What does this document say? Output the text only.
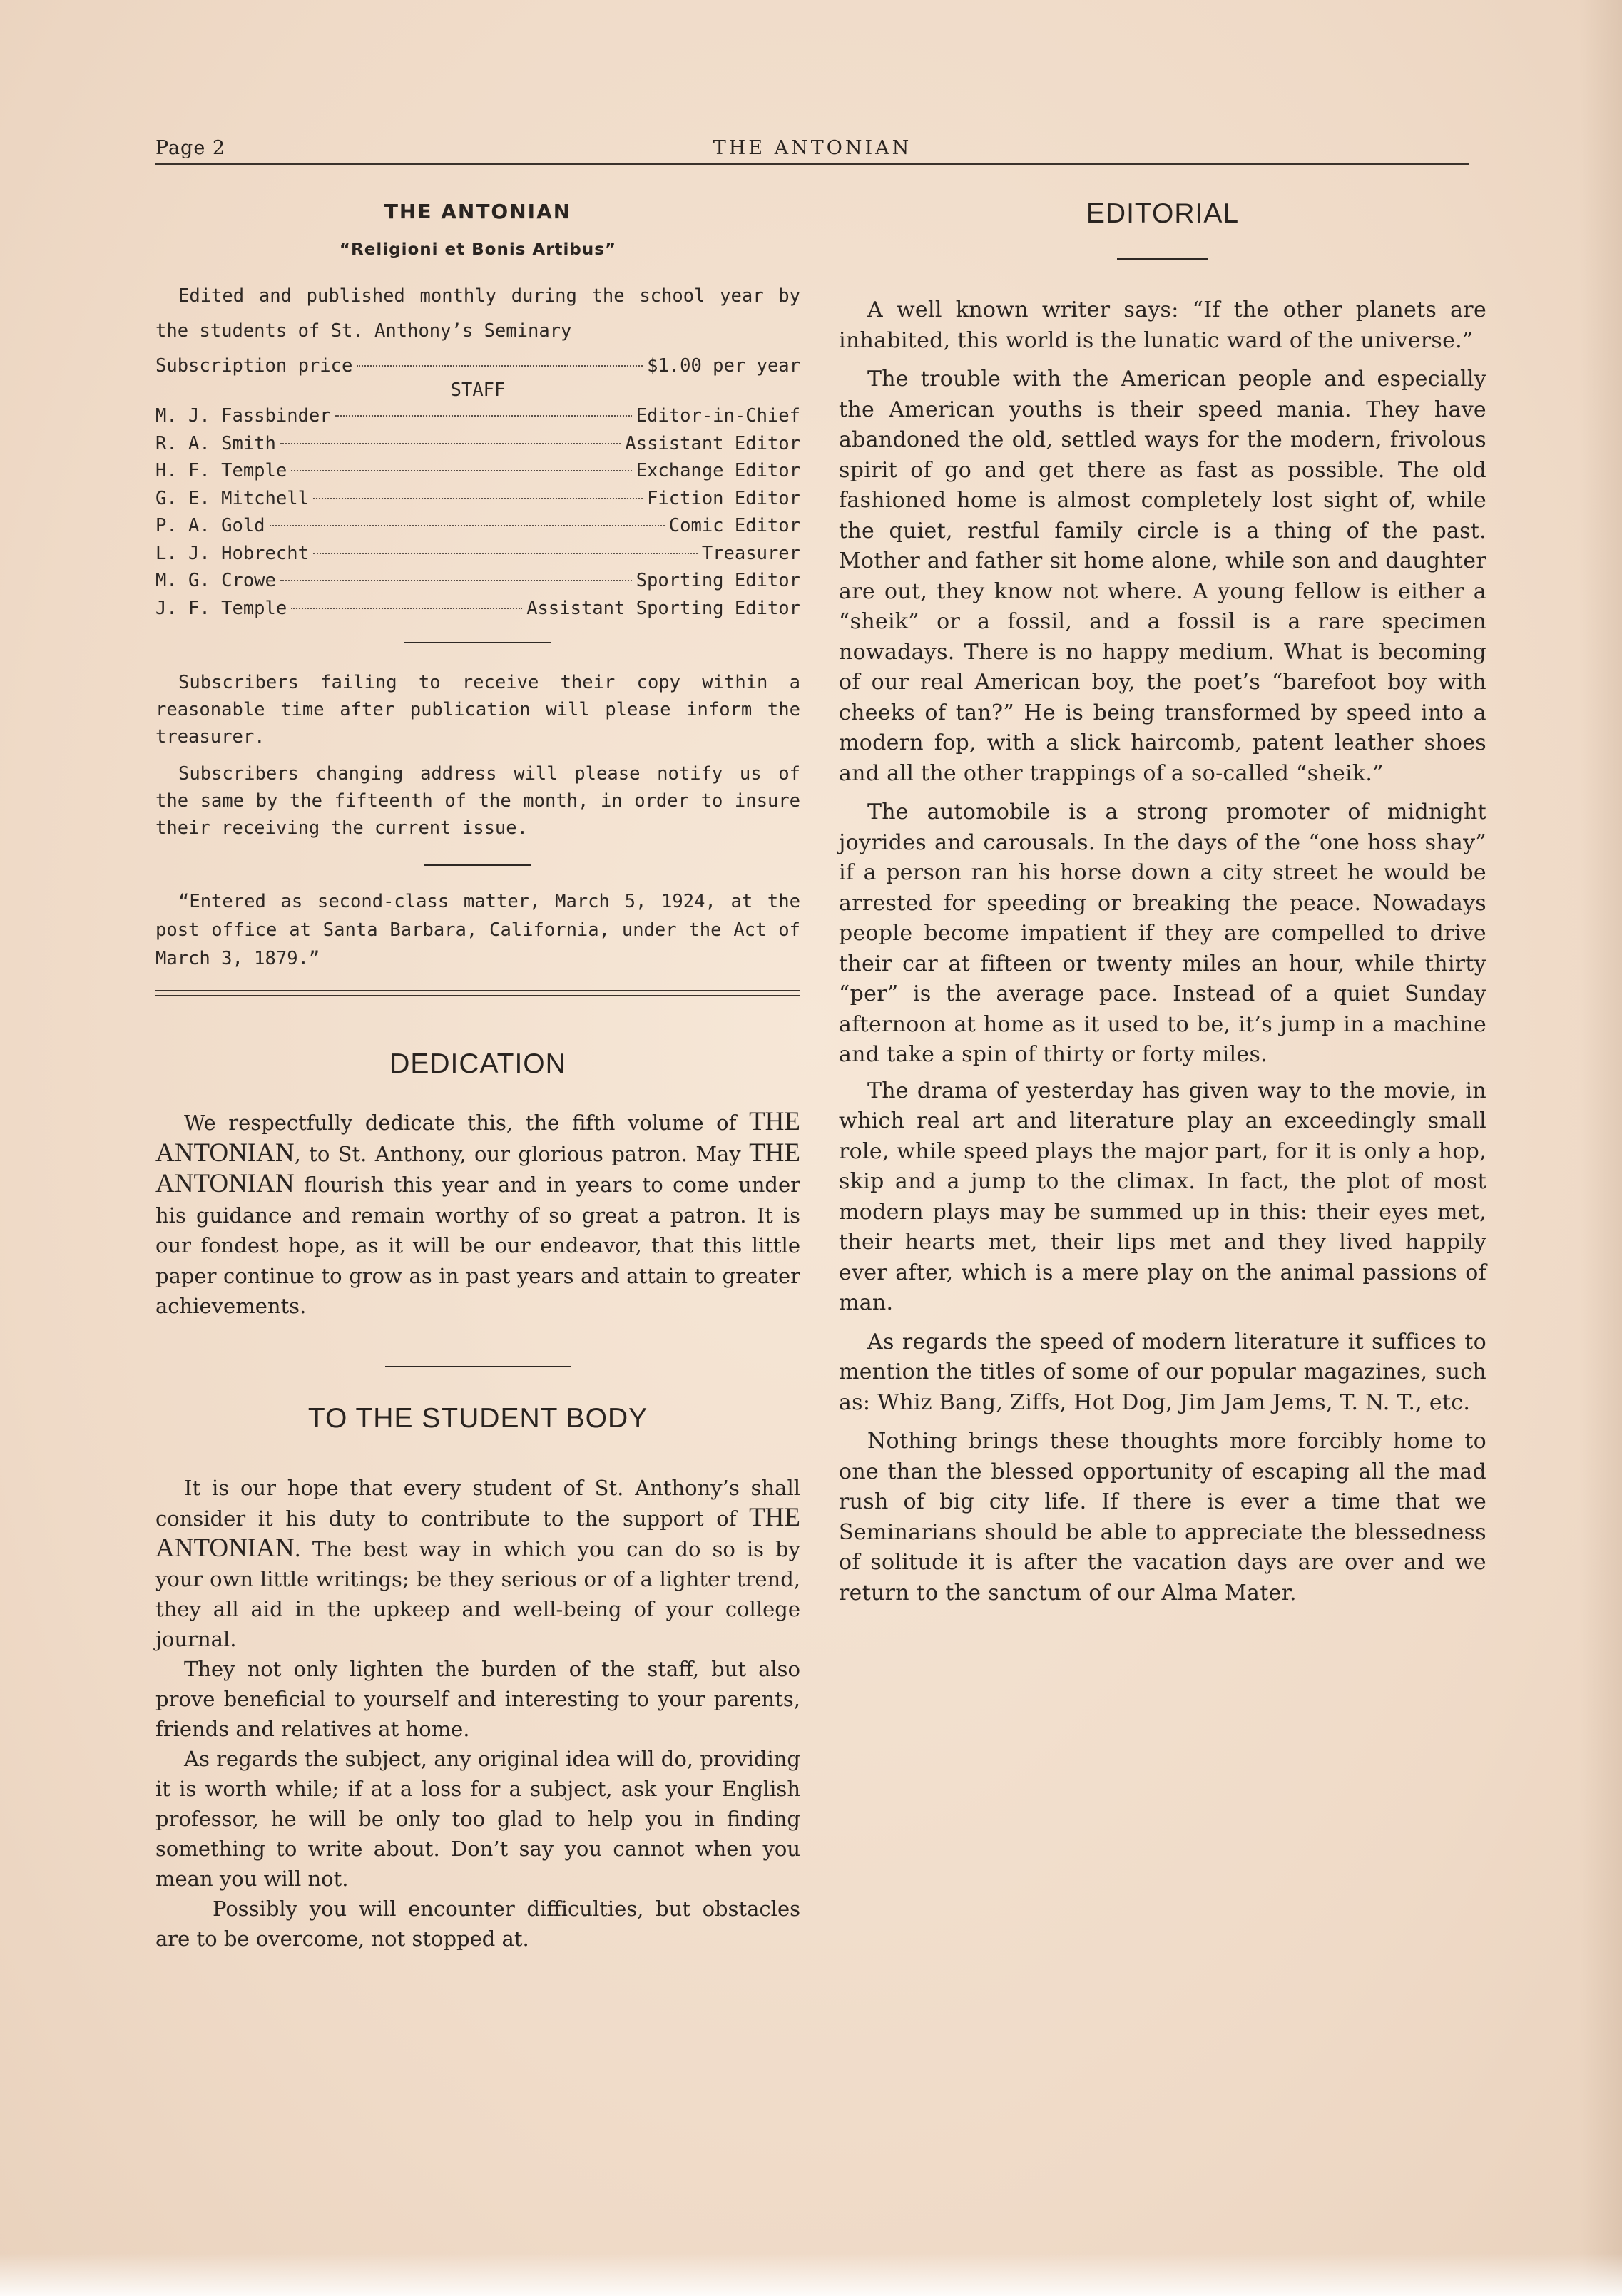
Page 2	THE ANTONIAN
THE ANTONIAN
“Religioni et Bonis Artibus”
Edited and published monthly during the school year by the students of St. Anthony’s Seminary
Subscription price	$1.00 per year
STAFF
M. J. Fassbinder	Editor-in-Chief
R. A. Smith	Assistant Editor
H. F. Temple	Exchange Editor
G. E. Mitchell	Fiction Editor
P. A. Gold	Comic Editor
L. J. Hobrecht	Treasurer
M. G. Crowe	Sporting Editor
J. F. Temple	Assistant Sporting Editor

Subscribers failing to receive their copy within a reasonable time after publication will please inform the treasurer.

Subscribers changing address will please notify us of the same by the fifteenth of the month, in order to insure their receiving the current issue.

“Entered as second-class matter, March 5, 1924, at the post office at Santa Barbara, California, under the Act of March 3, 1879.”

DEDICATION

We respectfully dedicate this, the fifth volume of THE ANTONIAN, to St. Anthony, our glorious patron. May THE ANTONIAN flourish this year and in years to come under his guidance and remain worthy of so great a patron. It is our fondest hope, as it will be our endeavor, that this little paper continue to grow as in past years and attain to greater achievements.

TO THE STUDENT BODY

It is our hope that every student of St. Anthony’s shall consider it his duty to contribute to the support of THE ANTONIAN. The best way in which you can do so is by your own little writings; be they serious or of a lighter trend, they all aid in the upkeep and well-being of your college journal.

They not only lighten the burden of the staff, but also prove beneficial to yourself and interesting to your parents, friends and relatives at home.

As regards the subject, any original idea will do, providing it is worth while; if at a loss for a subject, ask your English professor, he will be only too glad to help you in finding something to write about. Don’t say you cannot when you mean you will not.

Possibly you will encounter difficulties, but obstacles are to be overcome, not stopped at.

EDITORIAL

A well known writer says: “If the other planets are inhabited, this world is the lunatic ward of the universe.”

The trouble with the American people and especially the American youths is their speed mania. They have abandoned the old, settled ways for the modern, frivolous spirit of go and get there as fast as possible. The old fashioned home is almost completely lost sight of, while the quiet, restful family circle is a thing of the past. Mother and father sit home alone, while son and daughter are out, they know not where. A young fellow is either a “sheik” or a fossil, and a fossil is a rare specimen nowadays. There is no happy medium. What is becoming of our real American boy, the poet’s “barefoot boy with cheeks of tan?” He is being transformed by speed into a modern fop, with a slick haircomb, patent leather shoes and all the other trappings of a so-called “sheik.”

The automobile is a strong promoter of midnight joyrides and carousals. In the days of the “one hoss shay” if a person ran his horse down a city street he would be arrested for speeding or breaking the peace. Nowadays people become impatient if they are compelled to drive their car at fifteen or twenty miles an hour, while thirty “per” is the average pace. Instead of a quiet Sunday afternoon at home as it used to be, it’s jump in a machine and take a spin of thirty or forty miles.

The drama of yesterday has given way to the movie, in which real art and literature play an exceedingly small role, while speed plays the major part, for it is only a hop, skip and a jump to the climax. In fact, the plot of most modern plays may be summed up in this: their eyes met, their hearts met, their lips met and they lived happily ever after, which is a mere play on the animal passions of man.

As regards the speed of modern literature it suffices to mention the titles of some of our popular magazines, such as: Whiz Bang, Ziffs, Hot Dog, Jim Jam Jems, T. N. T., etc.

Nothing brings these thoughts more forcibly home to one than the blessed opportunity of escaping all the mad rush of big city life. If there is ever a time that we Seminarians should be able to appreciate the blessedness of solitude it is after the vacation days are over and we return to the sanctum of our Alma Mater.
